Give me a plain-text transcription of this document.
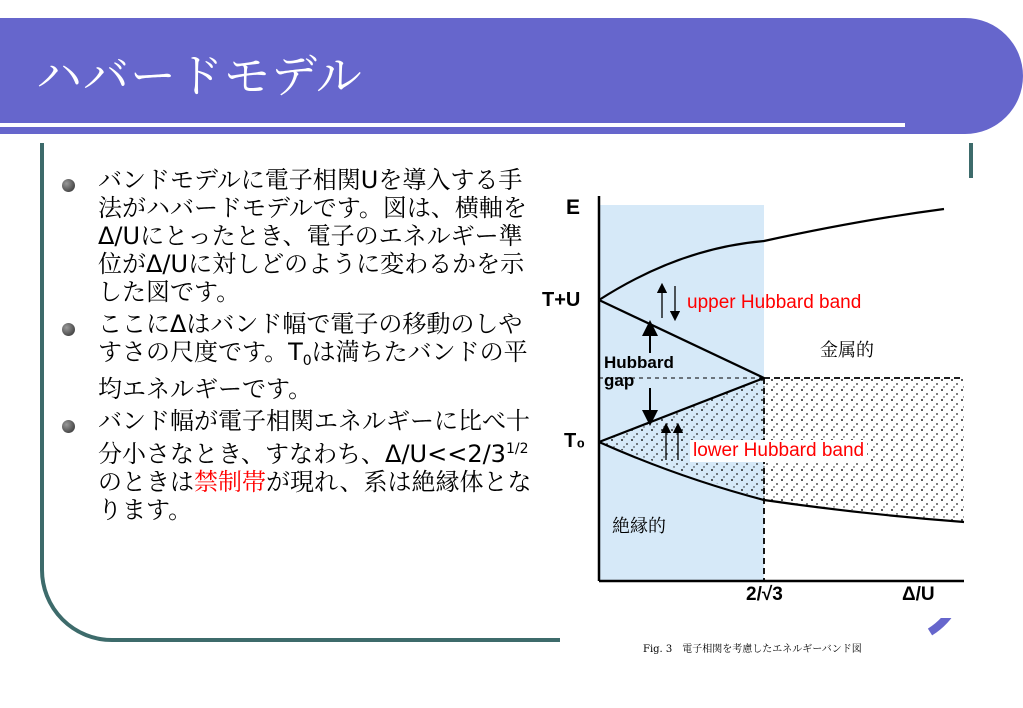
ハバードモデル
バンドモデルに電子相関Uを導入する手法がハバードモデルです。図は、横軸をΔ/Uにとったとき、電子のエネルギー準位がΔ/Uに対しどのように変わるかを示した図です。
ここにΔはバンド幅で電子の移動のしやすさの尺度です。$T_0$は満ちたバンドの平均エネルギーです。
バンド幅が電子相関エネルギーに比べ十分小さなとき、すなわち、$\Delta/U<<2/3^{1/2}$のときは禁制帯が現れ、系は絶縁体となります。
E
T+U
T₀
Hubbard
gap
upper Hubbard band
金属的
lower Hubbard band
絶縁的
2/√3	Δ/U
Fig. 3　電子相関を考慮したエネルギーバンド図
